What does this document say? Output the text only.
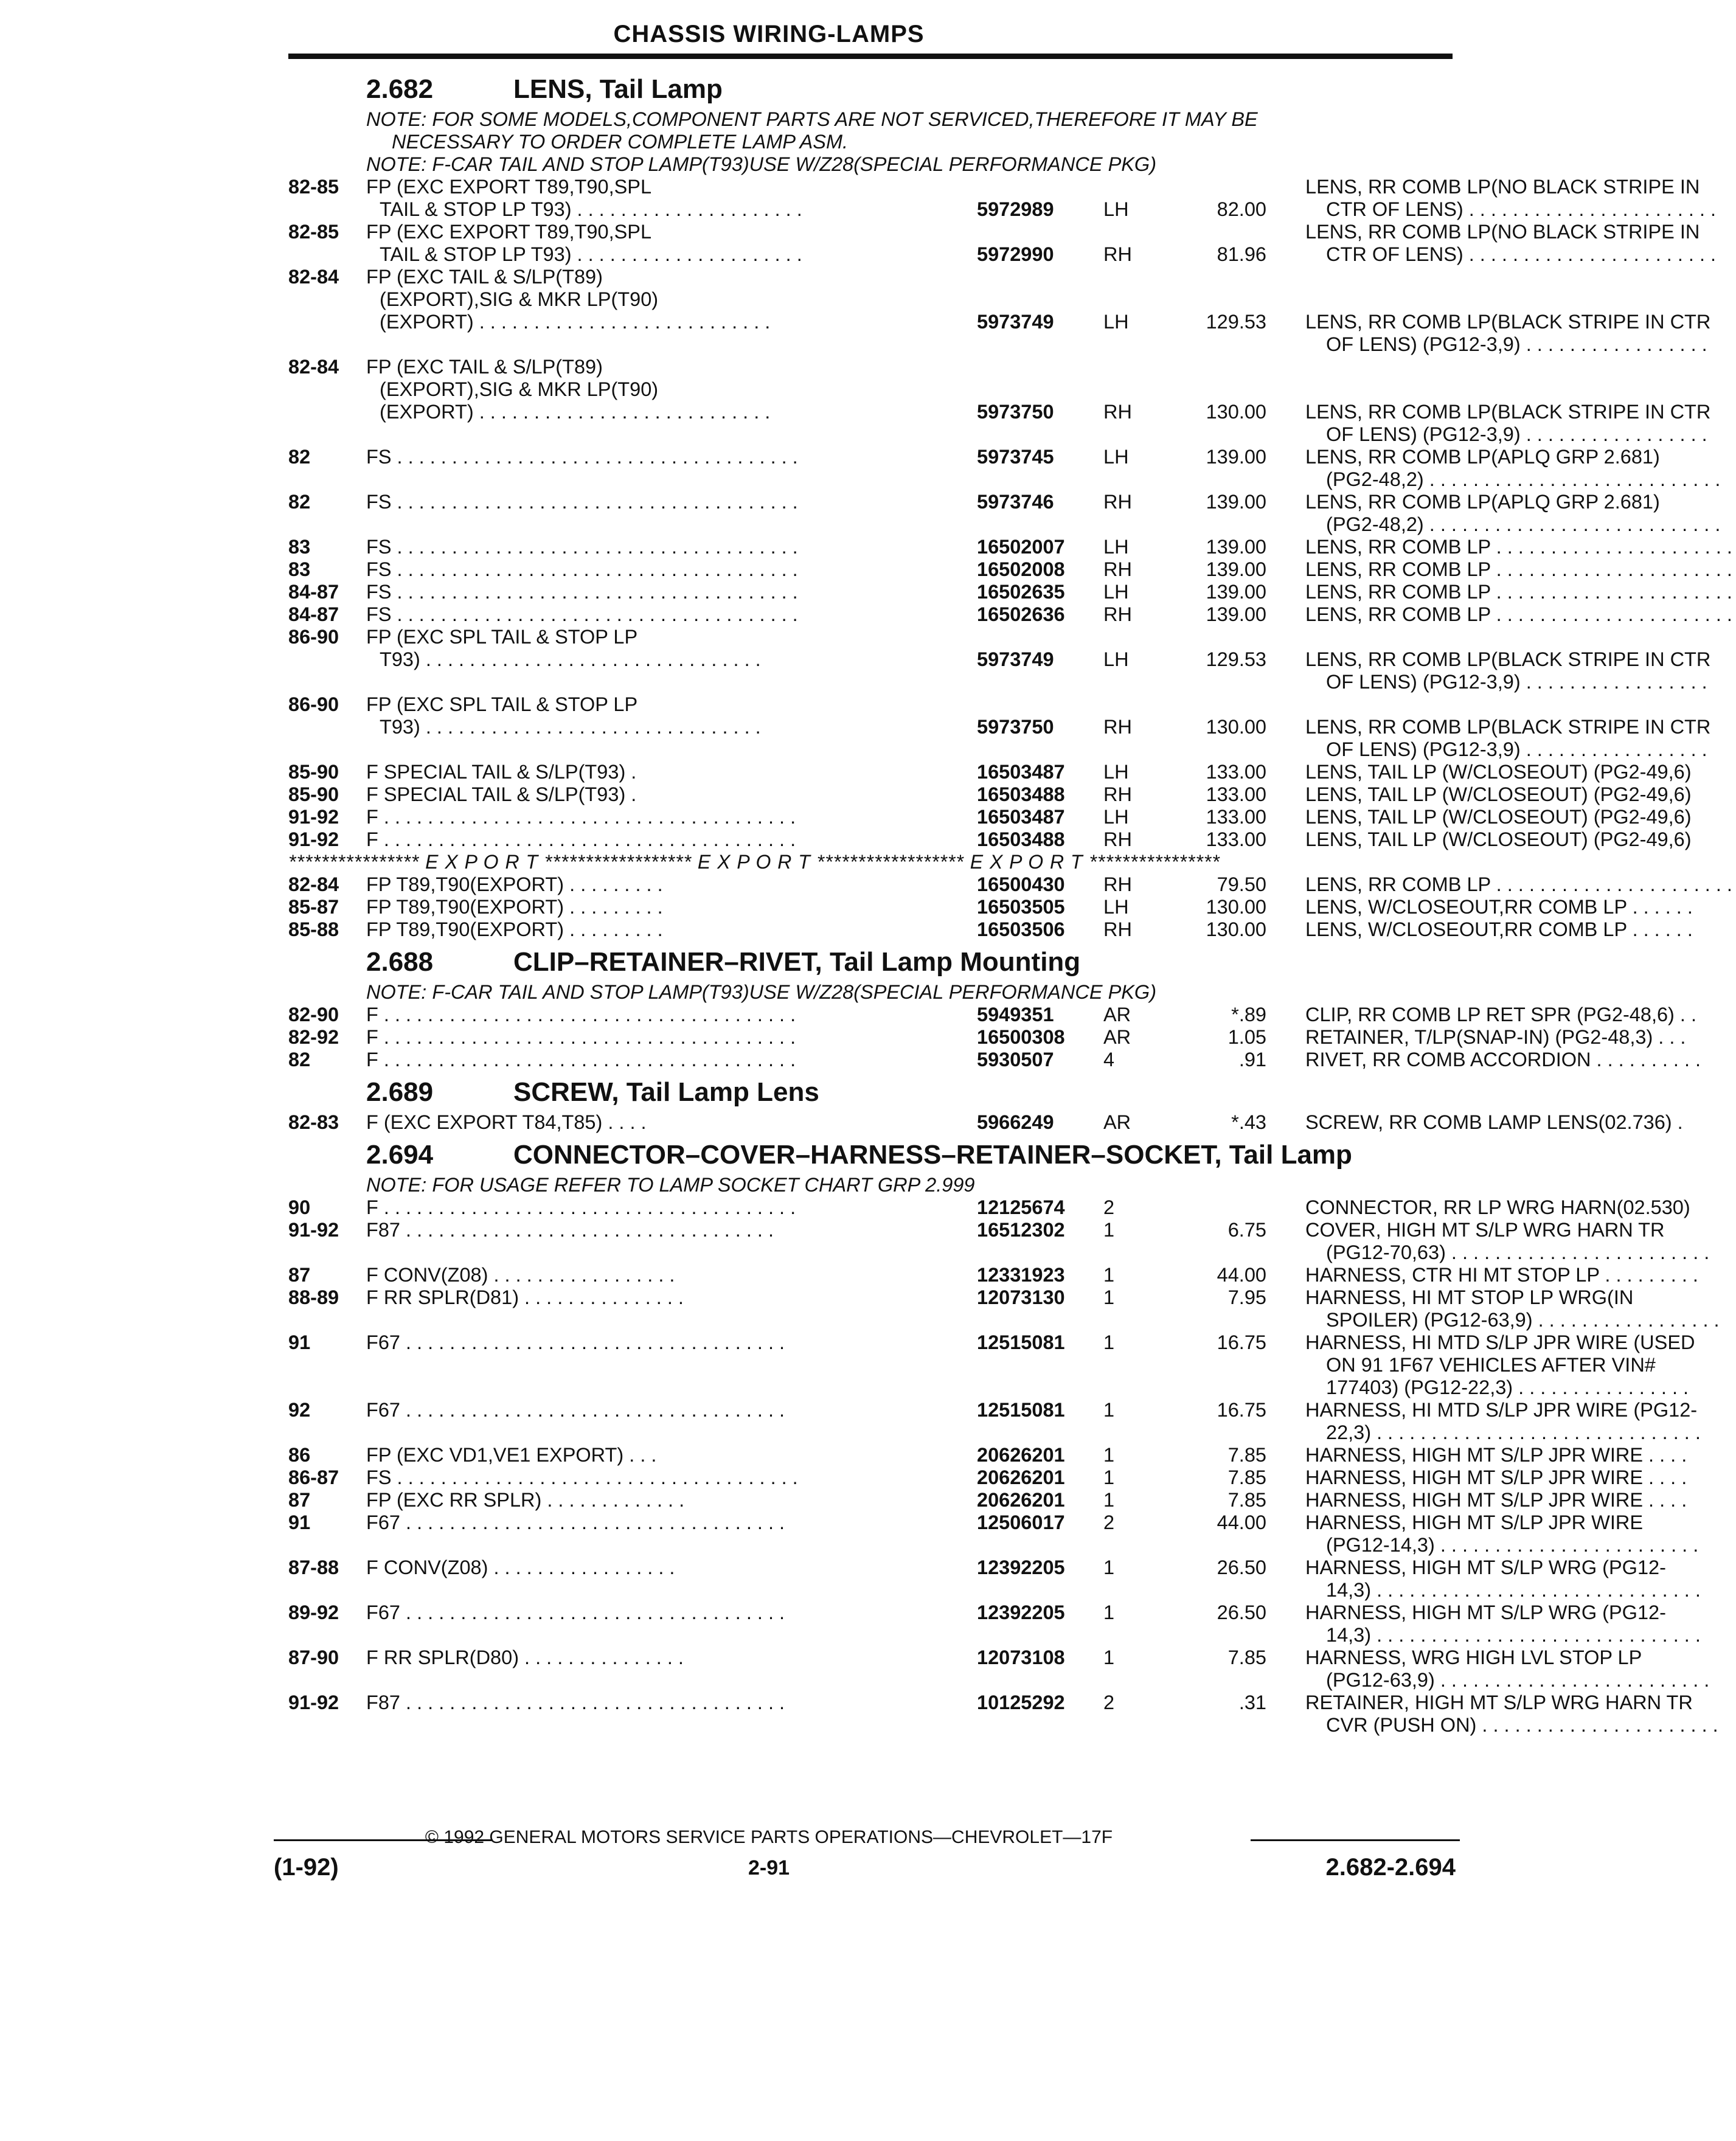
CHASSIS WIRING-LAMPS
2.682	LENS, Tail Lamp
NOTE: FOR SOME MODELS,COMPONENT PARTS ARE NOT SERVICED,THEREFORE IT MAY BE
NECESSARY TO ORDER COMPLETE LAMP ASM.
NOTE: F-CAR TAIL AND STOP LAMP(T93)USE W/Z28(SPECIAL PERFORMANCE PKG)
82-85 FP (EXC EXPORT T89,T90,SPL	LENS, RR COMB LP(NO BLACK STRIPE IN
TAIL & STOP LP T93) . . . . . . . . . . . . . . . . . . . . .	5972989	LH	82.00	CTR OF LENS) . . . . . . . . . . . . . . . . . . . . . . .
82-85 FP (EXC EXPORT T89,T90,SPL	LENS, RR COMB LP(NO BLACK STRIPE IN
TAIL & STOP LP T93) . . . . . . . . . . . . . . . . . . . . .	5972990	RH	81.96	CTR OF LENS) . . . . . . . . . . . . . . . . . . . . . . .
82-84 FP (EXC TAIL & S/LP(T89)
(EXPORT),SIG & MKR LP(T90)
(EXPORT) . . . . . . . . . . . . . . . . . . . . . . . . . . .	5973749	LH	129.53 LENS, RR COMB LP(BLACK STRIPE IN CTR
OF LENS) (PG12-3,9) . . . . . . . . . . . . . . . . .
82-84 FP (EXC TAIL & S/LP(T89)
(EXPORT),SIG & MKR LP(T90)
(EXPORT) . . . . . . . . . . . . . . . . . . . . . . . . . . .	5973750	RH	130.00 LENS, RR COMB LP(BLACK STRIPE IN CTR
OF LENS) (PG12-3,9) . . . . . . . . . . . . . . . . .
82	FS . . . . . . . . . . . . . . . . . . . . . . . . . . . . . . . . . . . . .	5973745	LH	139.00 LENS, RR COMB LP(APLQ GRP 2.681)
(PG2-48,2) . . . . . . . . . . . . . . . . . . . . . . . . . . .
82	FS . . . . . . . . . . . . . . . . . . . . . . . . . . . . . . . . . . . . .	5973746	RH	139.00 LENS, RR COMB LP(APLQ GRP 2.681)
(PG2-48,2) . . . . . . . . . . . . . . . . . . . . . . . . . . .
83	FS . . . . . . . . . . . . . . . . . . . . . . . . . . . . . . . . . . . . .	16502007 LH	139.00 LENS, RR COMB LP . . . . . . . . . . . . . . . . . . . . . .
83	FS . . . . . . . . . . . . . . . . . . . . . . . . . . . . . . . . . . . . .	16502008 RH	139.00 LENS, RR COMB LP . . . . . . . . . . . . . . . . . . . . . .
84-87 FS . . . . . . . . . . . . . . . . . . . . . . . . . . . . . . . . . . . . .	16502635 LH	139.00 LENS, RR COMB LP . . . . . . . . . . . . . . . . . . . . . .
84-87 FS . . . . . . . . . . . . . . . . . . . . . . . . . . . . . . . . . . . . .	16502636 RH	139.00 LENS, RR COMB LP . . . . . . . . . . . . . . . . . . . . . .
86-90 FP (EXC SPL TAIL & STOP LP
T93) . . . . . . . . . . . . . . . . . . . . . . . . . . . . . . .	5973749	LH	129.53 LENS, RR COMB LP(BLACK STRIPE IN CTR
OF LENS) (PG12-3,9) . . . . . . . . . . . . . . . . .
86-90 FP (EXC SPL TAIL & STOP LP
T93) . . . . . . . . . . . . . . . . . . . . . . . . . . . . . . .	5973750	RH	130.00 LENS, RR COMB LP(BLACK STRIPE IN CTR
OF LENS) (PG12-3,9) . . . . . . . . . . . . . . . . .
85-90 F SPECIAL TAIL & S/LP(T93) .	16503487 LH	133.00 LENS, TAIL LP (W/CLOSEOUT) (PG2-49,6)
85-90 F SPECIAL TAIL & S/LP(T93) .	16503488 RH	133.00 LENS, TAIL LP (W/CLOSEOUT) (PG2-49,6)
91-92 F . . . . . . . . . . . . . . . . . . . . . . . . . . . . . . . . . . . . . .	16503487 LH	133.00 LENS, TAIL LP (W/CLOSEOUT) (PG2-49,6)
91-92 F . . . . . . . . . . . . . . . . . . . . . . . . . . . . . . . . . . . . . .	16503488 RH	133.00 LENS, TAIL LP (W/CLOSEOUT) (PG2-49,6)
**************** E X P O R T ****************** E X P O R T ****************** E X P O R T ****************
82-84 FP T89,T90(EXPORT) . . . . . . . . .	16500430 RH	79.50 LENS, RR COMB LP . . . . . . . . . . . . . . . . . . . . . .
85-87 FP T89,T90(EXPORT) . . . . . . . . .	16503505 LH	130.00 LENS, W/CLOSEOUT,RR COMB LP . . . . . .
85-88 FP T89,T90(EXPORT) . . . . . . . . .	16503506 RH	130.00 LENS, W/CLOSEOUT,RR COMB LP . . . . . .
2.688	CLIP–RETAINER–RIVET, Tail Lamp Mounting
NOTE: F-CAR TAIL AND STOP LAMP(T93)USE W/Z28(SPECIAL PERFORMANCE PKG)
82-90 F . . . . . . . . . . . . . . . . . . . . . . . . . . . . . . . . . . . . . .	5949351	AR	*.89 CLIP, RR COMB LP RET SPR (PG2-48,6) . .
82-92 F . . . . . . . . . . . . . . . . . . . . . . . . . . . . . . . . . . . . . .	16500308 AR	1.05 RETAINER, T/LP(SNAP-IN) (PG2-48,3) . . .
82	F . . . . . . . . . . . . . . . . . . . . . . . . . . . . . . . . . . . . . .	5930507	4	.91 RIVET, RR COMB ACCORDION . . . . . . . . . .
2.689	SCREW, Tail Lamp Lens
82-83 F (EXC EXPORT T84,T85) . . . .	5966249	AR	*.43 SCREW, RR COMB LAMP LENS(02.736) .
2.694	CONNECTOR–COVER–HARNESS–RETAINER–SOCKET, Tail Lamp
NOTE: FOR USAGE REFER TO LAMP SOCKET CHART GRP 2.999
90	F . . . . . . . . . . . . . . . . . . . . . . . . . . . . . . . . . . . . . .	12125674 2	CONNECTOR, RR LP WRG HARN(02.530)
91-92 F87 . . . . . . . . . . . . . . . . . . . . . . . . . . . . . . . . . .	16512302 1	6.75 COVER, HIGH MT S/LP WRG HARN TR
(PG12-70,63) . . . . . . . . . . . . . . . . . . . . . . . .
87	F CONV(Z08) . . . . . . . . . . . . . . . . .	12331923 1	44.00 HARNESS, CTR HI MT STOP LP . . . . . . . . .
88-89 F RR SPLR(D81) . . . . . . . . . . . . . . .	12073130 1	7.95 HARNESS, HI MT STOP LP WRG(IN
SPOILER) (PG12-63,9) . . . . . . . . . . . . . . . . .
91	F67 . . . . . . . . . . . . . . . . . . . . . . . . . . . . . . . . . . .	12515081 1	16.75 HARNESS, HI MTD S/LP JPR WIRE (USED
ON 91 1F67 VEHICLES AFTER VIN#
177403) (PG12-22,3) . . . . . . . . . . . . . . . .
92	F67 . . . . . . . . . . . . . . . . . . . . . . . . . . . . . . . . . . .	12515081 1	16.75 HARNESS, HI MTD S/LP JPR WIRE (PG12-
22,3) . . . . . . . . . . . . . . . . . . . . . . . . . . . . . .
86	FP (EXC VD1,VE1 EXPORT) . . .	20626201 1	7.85 HARNESS, HIGH MT S/LP JPR WIRE . . . .
86-87 FS . . . . . . . . . . . . . . . . . . . . . . . . . . . . . . . . . . . . .	20626201 1	7.85 HARNESS, HIGH MT S/LP JPR WIRE . . . .
87	FP (EXC RR SPLR) . . . . . . . . . . . . .	20626201 1	7.85 HARNESS, HIGH MT S/LP JPR WIRE . . . .
91	F67 . . . . . . . . . . . . . . . . . . . . . . . . . . . . . . . . . . .	12506017 2	44.00 HARNESS, HIGH MT S/LP JPR WIRE
(PG12-14,3) . . . . . . . . . . . . . . . . . . . . . . . .
87-88 F CONV(Z08) . . . . . . . . . . . . . . . . .	12392205 1	26.50 HARNESS, HIGH MT S/LP WRG (PG12-
14,3) . . . . . . . . . . . . . . . . . . . . . . . . . . . . . .
89-92 F67 . . . . . . . . . . . . . . . . . . . . . . . . . . . . . . . . . . .	12392205 1	26.50 HARNESS, HIGH MT S/LP WRG (PG12-
14,3) . . . . . . . . . . . . . . . . . . . . . . . . . . . . . .
87-90 F RR SPLR(D80) . . . . . . . . . . . . . . .	12073108 1	7.85 HARNESS, WRG HIGH LVL STOP LP
(PG12-63,9) . . . . . . . . . . . . . . . . . . . . . . . . .
91-92 F87 . . . . . . . . . . . . . . . . . . . . . . . . . . . . . . . . . . .	10125292 2	.31 RETAINER, HIGH MT S/LP WRG HARN TR
CVR (PUSH ON) . . . . . . . . . . . . . . . . . . . . . .
© 1992 GENERAL MOTORS SERVICE PARTS OPERATIONS—CHEVROLET—17F
(1-92)	2-91	2.682-2.694
